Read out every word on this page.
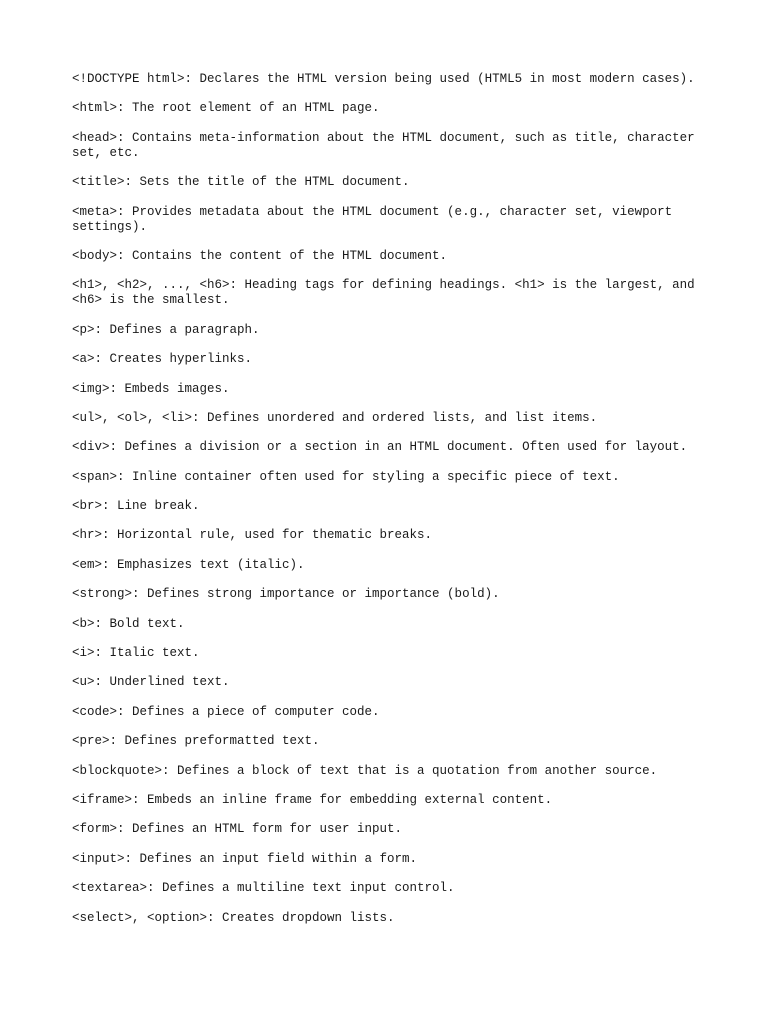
<!DOCTYPE html>: Declares the HTML version being used (HTML5 in most modern cases).

<html>: The root element of an HTML page.

<head>: Contains meta-information about the HTML document, such as title, character set, etc.

<title>: Sets the title of the HTML document.

<meta>: Provides metadata about the HTML document (e.g., character set, viewport settings).

<body>: Contains the content of the HTML document.

<h1>, <h2>, ..., <h6>: Heading tags for defining headings. <h1> is the largest, and <h6> is the smallest.

<p>: Defines a paragraph.

<a>: Creates hyperlinks.

<img>: Embeds images.

<ul>, <ol>, <li>: Defines unordered and ordered lists, and list items.

<div>: Defines a division or a section in an HTML document. Often used for layout.

<span>: Inline container often used for styling a specific piece of text.

<br>: Line break.

<hr>: Horizontal rule, used for thematic breaks.

<em>: Emphasizes text (italic).

<strong>: Defines strong importance or importance (bold).

<b>: Bold text.

<i>: Italic text.

<u>: Underlined text.

<code>: Defines a piece of computer code.

<pre>: Defines preformatted text.

<blockquote>: Defines a block of text that is a quotation from another source.

<iframe>: Embeds an inline frame for embedding external content.

<form>: Defines an HTML form for user input.

<input>: Defines an input field within a form.

<textarea>: Defines a multiline text input control.

<select>, <option>: Creates dropdown lists.
